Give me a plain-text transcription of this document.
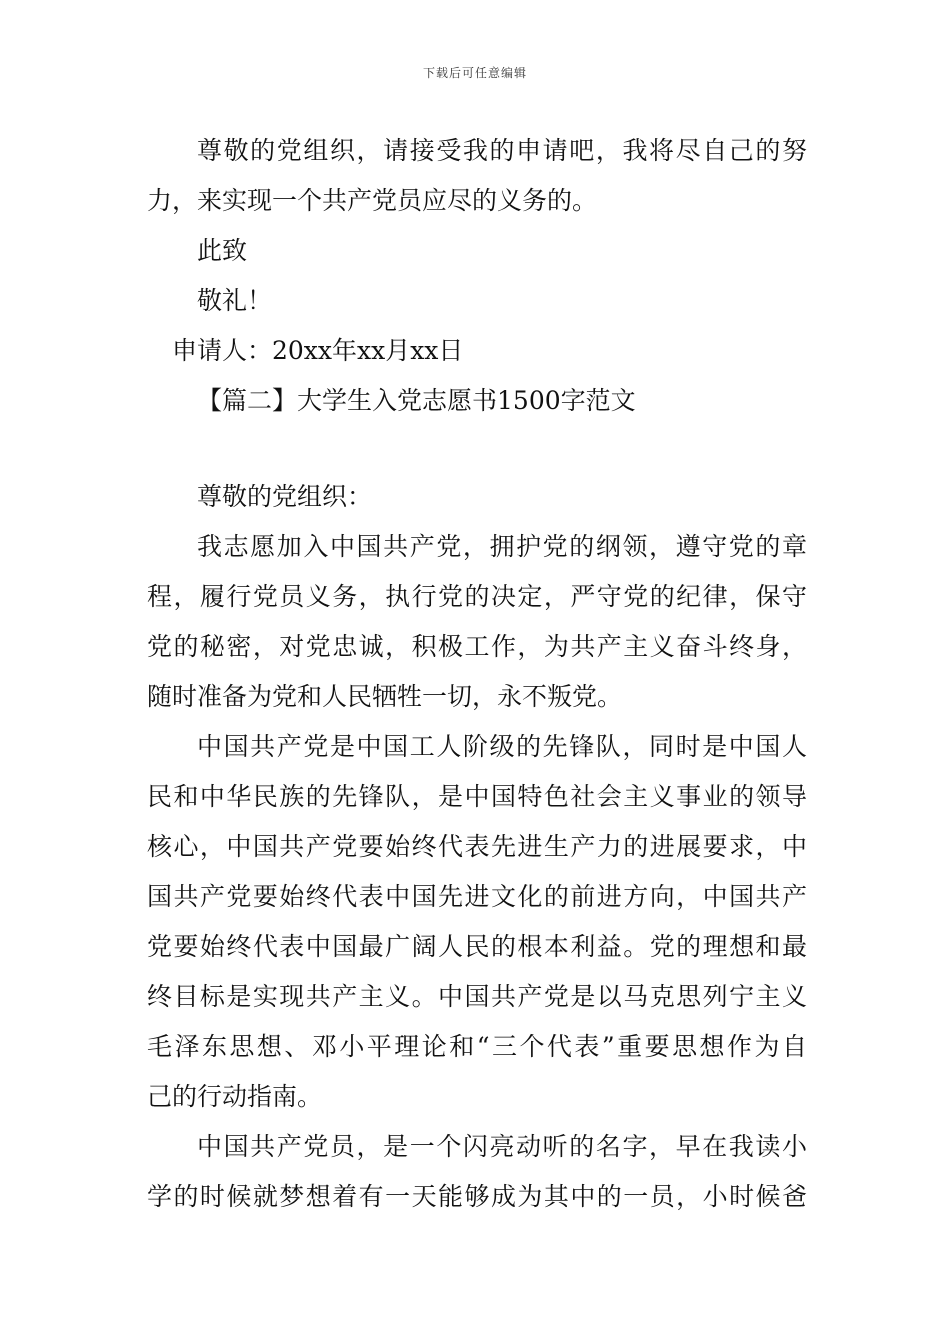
下载后可任意编辑
尊敬的党组织，请接受我的申请吧，我将尽自己的努
力，来实现一个共产党员应尽的义务的。
此致
敬礼！
申请人：20xx年xx月xx日
【篇二】大学生入党志愿书1500字范文
尊敬的党组织：
我志愿加入中国共产党，拥护党的纲领，遵守党的章
程，履行党员义务，执行党的决定，严守党的纪律，保守
党的秘密，对党忠诚，积极工作，为共产主义奋斗终身，
随时准备为党和人民牺牲一切，永不叛党。
中国共产党是中国工人阶级的先锋队，同时是中国人
民和中华民族的先锋队，是中国特色社会主义事业的领导
核心，中国共产党要始终代表先进生产力的进展要求，中
国共产党要始终代表中国先进文化的前进方向，中国共产
党要始终代表中国最广阔人民的根本利益。党的理想和最
终目标是实现共产主义。中国共产党是以马克思列宁主义
毛泽东思想、邓小平理论和“三个代表”重要思想作为自
己的行动指南。
中国共产党员，是一个闪亮动听的名字，早在我读小
学的时候就梦想着有一天能够成为其中的一员，小时候爸
